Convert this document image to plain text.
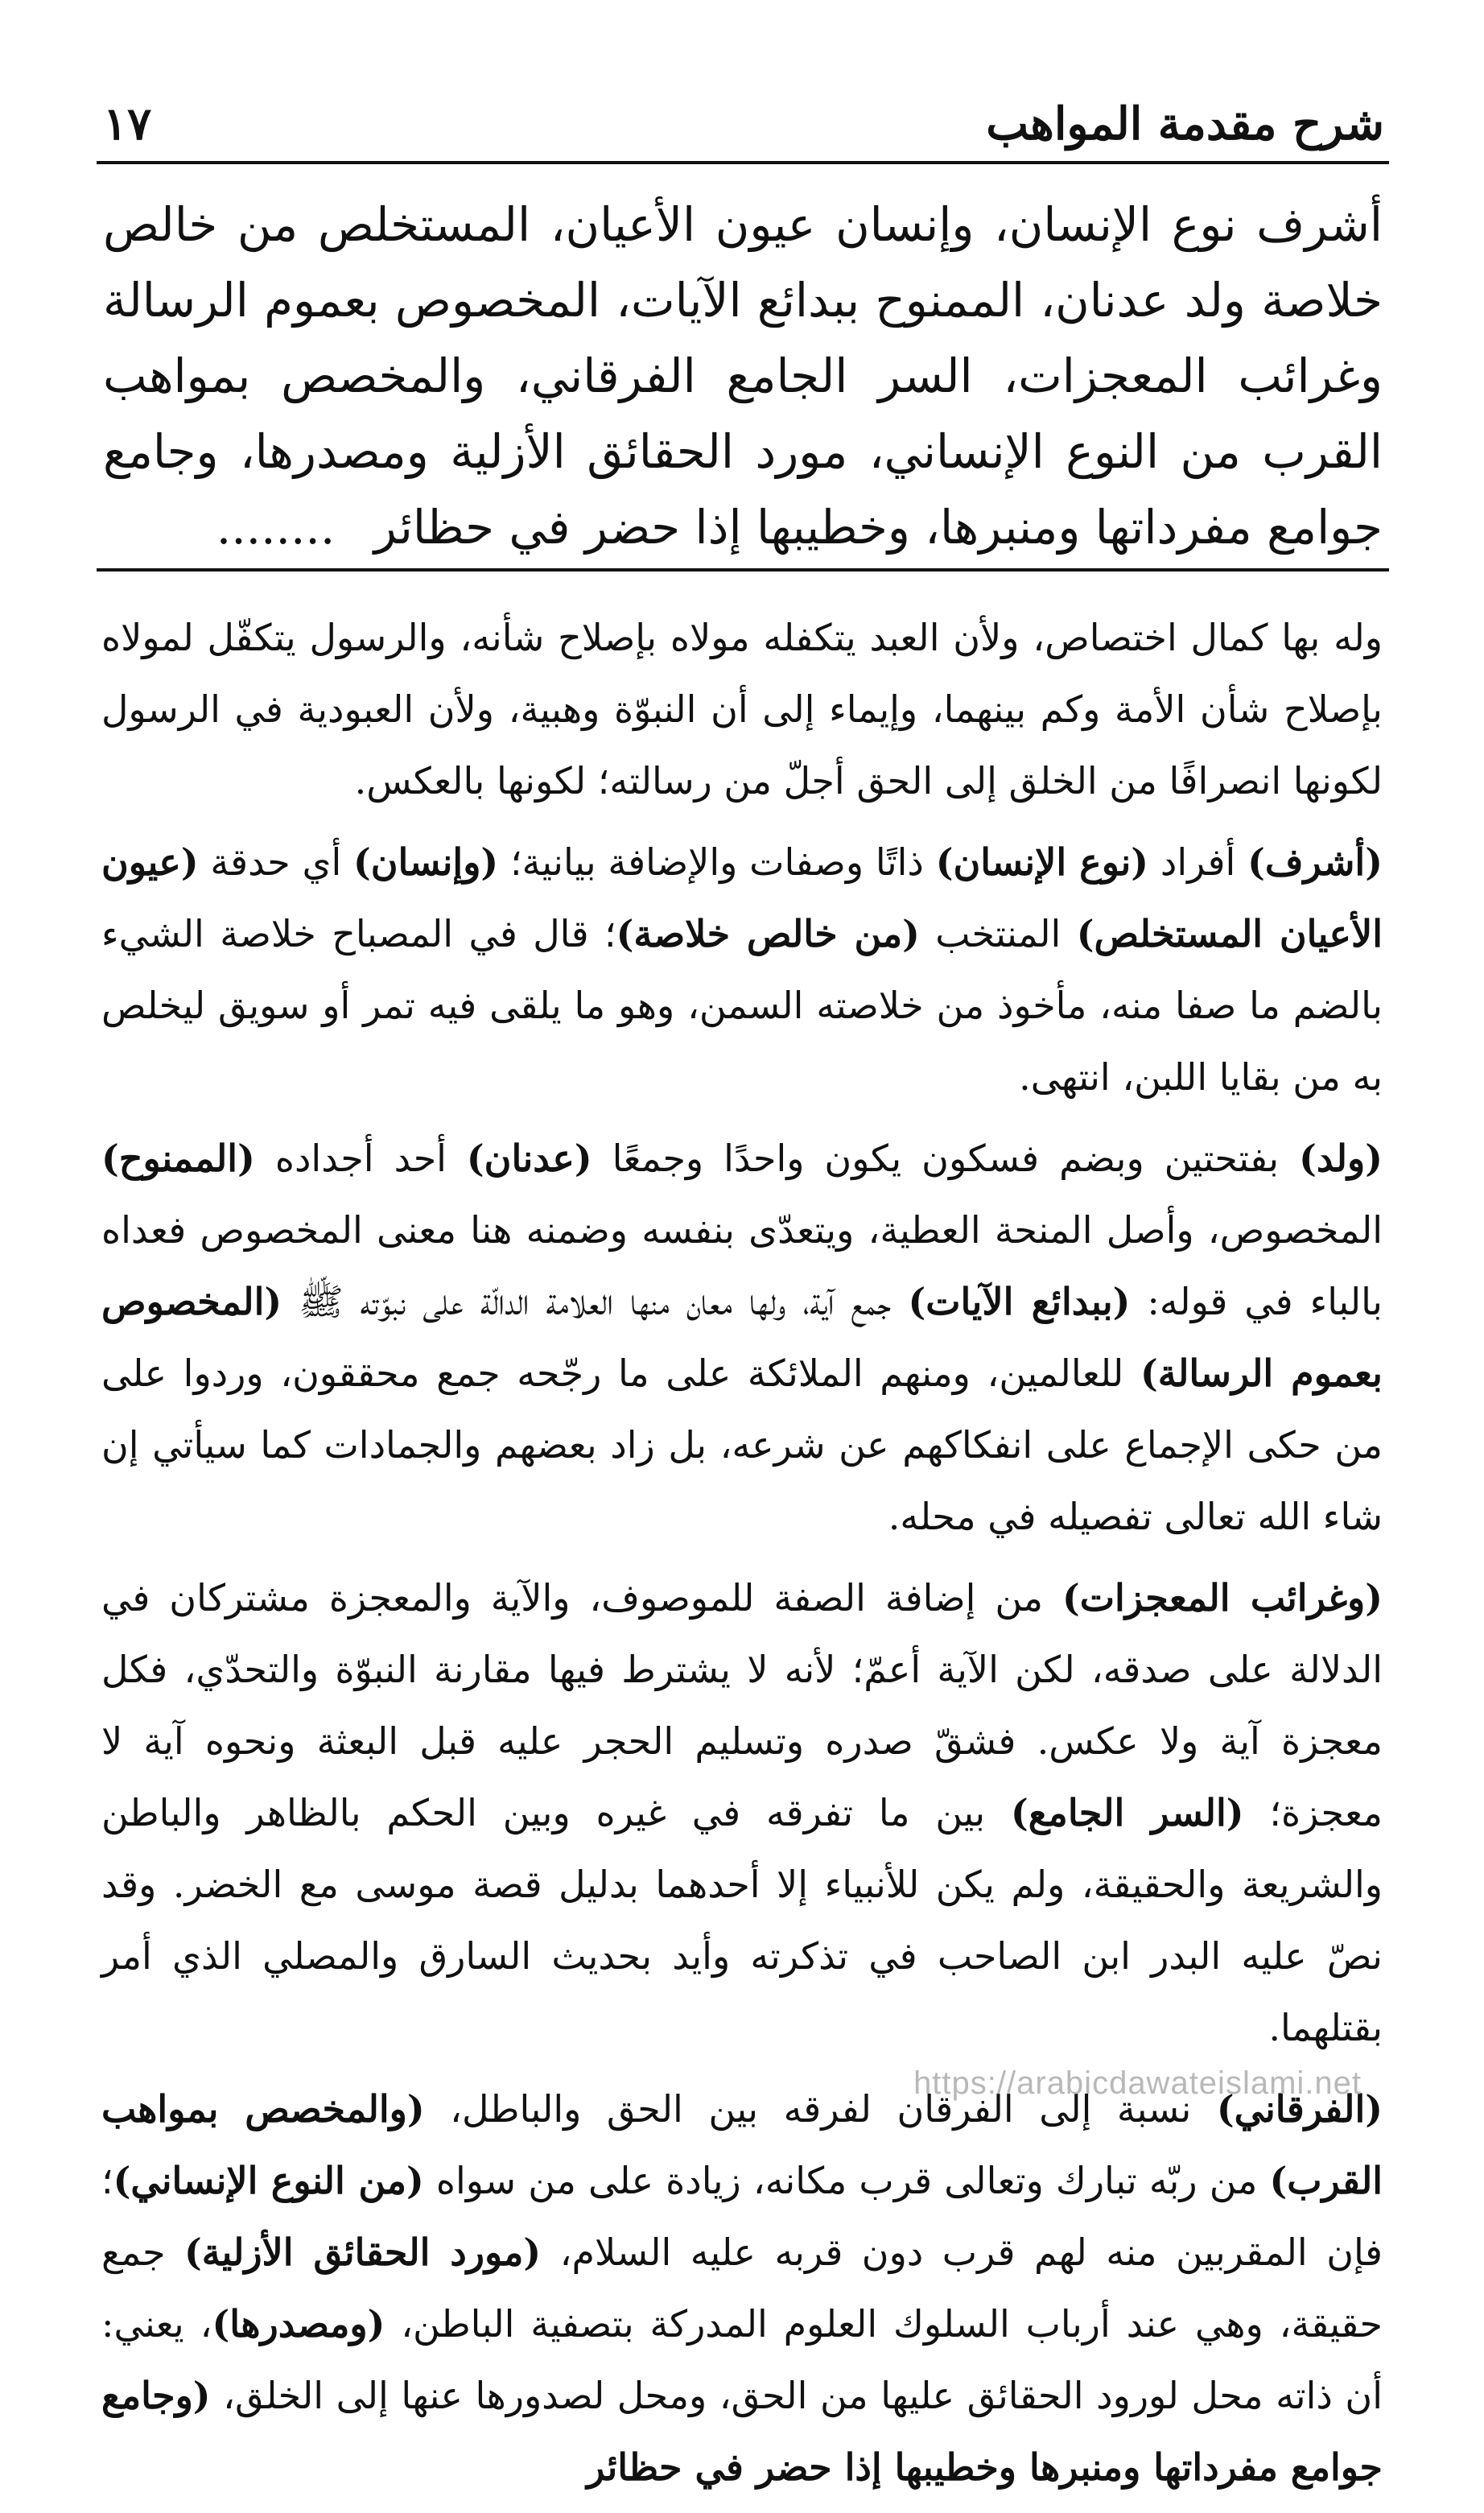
شرح مقدمة المواهب
١٧

أشرف نوع الإنسان، وإنسان عيون الأعيان، المستخلص من خالص خلاصة ولد عدنان، الممنوح ببدائع الآيات، المخصوص بعموم الرسالة وغرائب المعجزات، السر الجامع الفرقاني، والمخصص بمواهب القرب من النوع الإنساني، مورد الحقائق الأزلية ومصدرها، وجامع جوامع مفرداتها ومنبرها، وخطيبها إذا حضر في حظائر ........

وله بها كمال اختصاص، ولأن العبد يتكفله مولاه بإصلاح شأنه، والرسول يتكفّل لمولاه بإصلاح شأن الأمة وكم بينهما، وإيماء إلى أن النبوّة وهبية، ولأن العبودية في الرسول لكونها انصرافًا من الخلق إلى الحق أجلّ من رسالته؛ لكونها بالعكس.

(أشرف) أفراد (نوع الإنسان) ذاتًا وصفات والإضافة بيانية؛ (وإنسان) أي حدقة (عيون الأعيان المستخلص) المنتخب (من خالص خلاصة)؛ قال في المصباح خلاصة الشيء بالضم ما صفا منه، مأخوذ من خلاصته السمن، وهو ما يلقى فيه تمر أو سويق ليخلص به من بقايا اللبن، انتهى.

(ولد) بفتحتين وبضم فسكون يكون واحدًا وجمعًا (عدنان) أحد أجداده (الممنوح) المخصوص، وأصل المنحة العطية، ويتعدّى بنفسه وضمنه هنا معنى المخصوص فعداه بالباء في قوله: (ببدائع الآيات) جمع آية، ولها معان منها العلامة الدالّة على نبوّته ﷺ (المخصوص بعموم الرسالة) للعالمين، ومنهم الملائكة على ما رجّحه جمع محققون، وردوا على من حكى الإجماع على انفكاكهم عن شرعه، بل زاد بعضهم والجمادات كما سيأتي إن شاء الله تعالى تفصيله في محله.

(وغرائب المعجزات) من إضافة الصفة للموصوف، والآية والمعجزة مشتركان في الدلالة على صدقه، لكن الآية أعمّ؛ لأنه لا يشترط فيها مقارنة النبوّة والتحدّي، فكل معجزة آية ولا عكس. فشقّ صدره وتسليم الحجر عليه قبل البعثة ونحوه آية لا معجزة؛ (السر الجامع) بين ما تفرقه في غيره وبين الحكم بالظاهر والباطن والشريعة والحقيقة، ولم يكن للأنبياء إلا أحدهما بدليل قصة موسى مع الخضر. وقد نصّ عليه البدر ابن الصاحب في تذكرته وأيد بحديث السارق والمصلي الذي أمر بقتلهما.

(الفرقاني) نسبة إلى الفرقان لفرقه بين الحق والباطل، (والمخصص بمواهب القرب) من ربّه تبارك وتعالى قرب مكانه، زيادة على من سواه (من النوع الإنساني)؛ فإن المقربين منه لهم قرب دون قربه عليه السلام، (مورد الحقائق الأزلية) جمع حقيقة، وهي عند أرباب السلوك العلوم المدركة بتصفية الباطن، (ومصدرها)، يعني: أن ذاته محل لورود الحقائق عليها من الحق، ومحل لصدورها عنها إلى الخلق، (وجامع جوامع مفرداتها ومنبرها وخطيبها إذا حضر في حظائر

https://arabicdawateislami.net
